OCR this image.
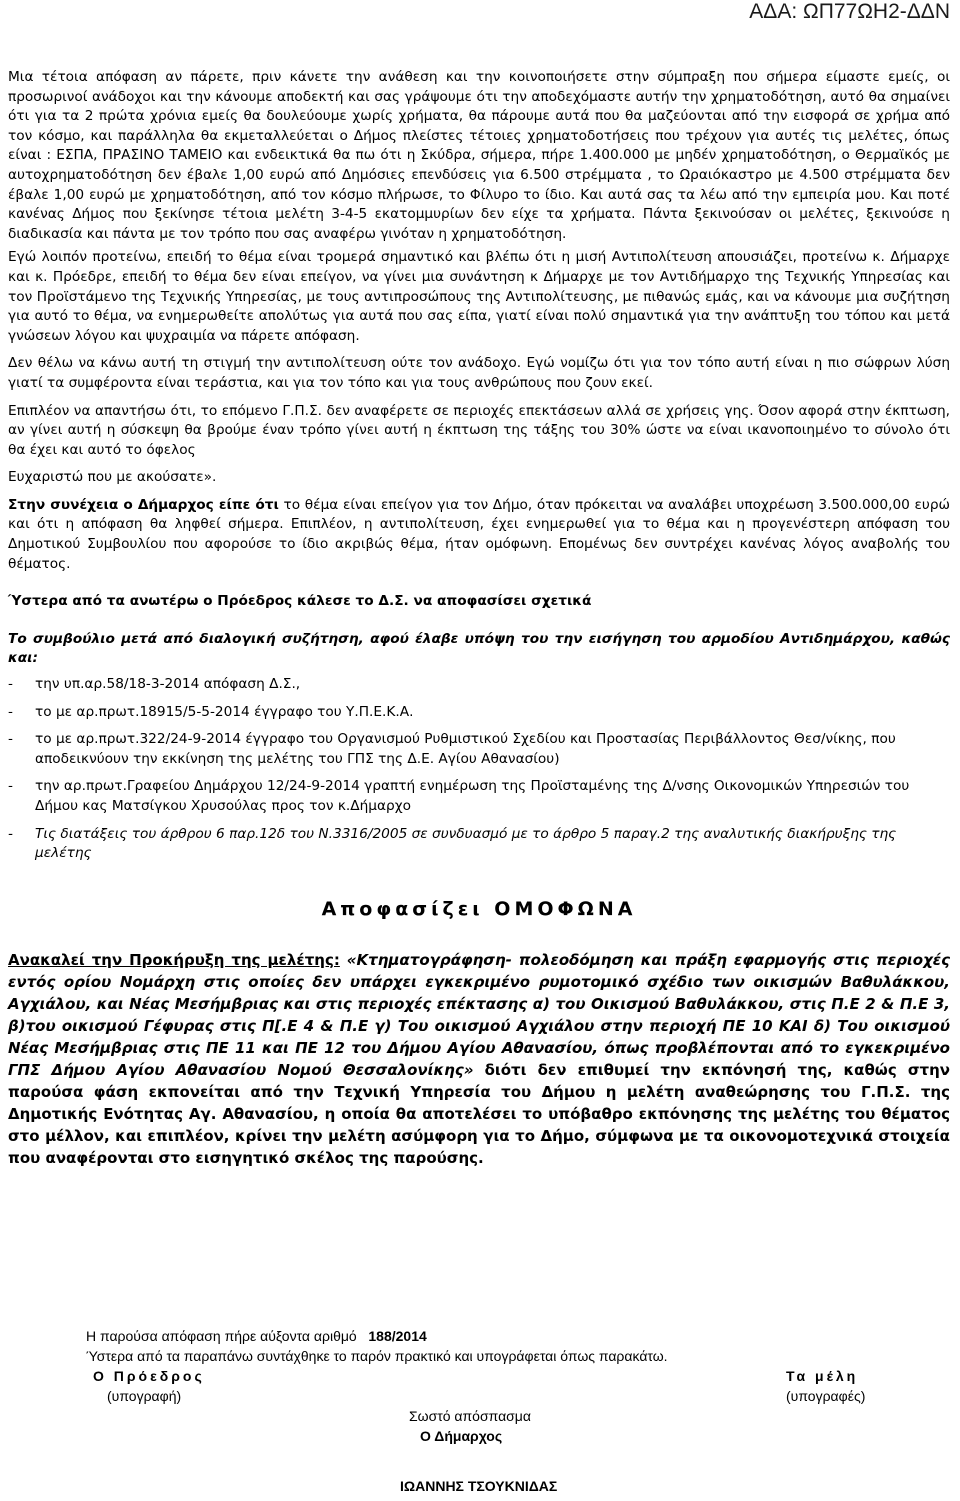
ΑΔΑ: ΩΠ77ΩΗ2-ΔΔΝ

Μια τέτοια απόφαση αν πάρετε, πριν κάνετε την ανάθεση και την κοινοποιήσετε στην σύμπραξη που σήμερα είμαστε εμείς, οι προσωρινοί ανάδοχοι και την κάνουμε αποδεκτή και σας γράψουμε ότι την αποδεχόμαστε αυτήν την χρηματοδότηση, αυτό θα σημαίνει ότι για τα 2 πρώτα χρόνια εμείς θα δουλεύουμε χωρίς χρήματα, θα πάρουμε αυτά που θα μαζεύονται από την εισφορά σε χρήμα από τον κόσμο, και παράλληλα θα εκμεταλλεύεται ο Δήμος πλείστες τέτοιες χρηματοδοτήσεις που τρέχουν για αυτές τις μελέτες, όπως είναι : ΕΣΠΑ, ΠΡΑΣΙΝΟ ΤΑΜΕΙΟ και ενδεικτικά θα πω ότι η Σκύδρα, σήμερα, πήρε 1.400.000 με μηδέν χρηματοδότηση, ο Θερμαϊκός με αυτοχρηματοδότηση δεν έβαλε 1,00 ευρώ από Δημόσιες επενδύσεις για 6.500 στρέμματα , το Ωραιόκαστρο με 4.500 στρέμματα δεν έβαλε 1,00 ευρώ με χρηματοδότηση, από τον κόσμο πλήρωσε, το Φίλυρο το ίδιο. Και αυτά σας τα λέω από την εμπειρία μου. Και ποτέ κανένας Δήμος που ξεκίνησε τέτοια μελέτη 3-4-5 εκατομμυρίων δεν είχε τα χρήματα. Πάντα ξεκινούσαν οι μελέτες, ξεκινούσε η διαδικασία και πάντα με τον τρόπο που σας αναφέρω γινόταν η χρηματοδότηση.

Εγώ λοιπόν προτείνω, επειδή το θέμα είναι τρομερά σημαντικό και βλέπω ότι η μισή Αντιπολίτευση απουσιάζει, προτείνω κ. Δήμαρχε και κ. Πρόεδρε, επειδή το θέμα δεν είναι επείγον, να γίνει μια συνάντηση κ Δήμαρχε με τον Αντιδήμαρχο της Τεχνικής Υπηρεσίας και τον Προϊστάμενο της Τεχνικής Υπηρεσίας, με τους αντιπροσώπους της Αντιπολίτευσης, με πιθανώς εμάς, και να κάνουμε μια συζήτηση για αυτό το θέμα, να ενημερωθείτε απολύτως για αυτά που σας είπα, γιατί είναι πολύ σημαντικά για την ανάπτυξη του τόπου και μετά γνώσεων λόγου και ψυχραιμία να πάρετε απόφαση.

Δεν θέλω να κάνω αυτή τη στιγμή την αντιπολίτευση ούτε τον ανάδοχο. Εγώ νομίζω ότι για τον τόπο αυτή είναι η πιο σώφρων λύση γιατί τα συμφέροντα είναι τεράστια, και για τον τόπο και για τους ανθρώπους που ζουν εκεί.

Επιπλέον να απαντήσω ότι, το επόμενο Γ.Π.Σ. δεν αναφέρετε σε περιοχές επεκτάσεων αλλά σε χρήσεις γης. Όσον αφορά στην έκπτωση, αν γίνει αυτή η σύσκεψη θα βρούμε έναν τρόπο γίνει αυτή η έκπτωση της τάξης του 30% ώστε να είναι ικανοποιημένο το σύνολο ότι θα έχει και αυτό το όφελος

Ευχαριστώ που με ακούσατε».

Στην συνέχεια ο Δήμαρχος είπε ότι το θέμα είναι επείγον για τον Δήμο, όταν πρόκειται να αναλάβει υποχρέωση 3.500.000,00 ευρώ και ότι η απόφαση θα ληφθεί σήμερα. Επιπλέον, η αντιπολίτευση, έχει ενημερωθεί για το θέμα και η προγενέστερη απόφαση του Δημοτικού Συμβουλίου που αφορούσε το ίδιο ακριβώς θέμα, ήταν ομόφωνη. Επομένως δεν συντρέχει κανένας λόγος αναβολής του θέματος.

Ύστερα από τα ανωτέρω ο Πρόεδρος κάλεσε το Δ.Σ. να αποφασίσει σχετικά

Το συμβούλιο μετά από διαλογική συζήτηση, αφού έλαβε υπόψη του την εισήγηση του αρμοδίου Αντιδημάρχου, καθώς και:

- την υπ.αρ.58/18-3-2014 απόφαση Δ.Σ.,
- το με αρ.πρωτ.18915/5-5-2014 έγγραφο του Υ.Π.Ε.Κ.Α.
- το με αρ.πρωτ.322/24-9-2014 έγγραφο του Οργανισμού Ρυθμιστικού Σχεδίου και Προστασίας Περιβάλλοντος Θεσ/νίκης, που αποδεικνύουν την εκκίνηση της μελέτης του ΓΠΣ της Δ.Ε. Αγίου Αθανασίου)
- την αρ.πρωτ.Γραφείου Δημάρχου 12/24-9-2014 γραπτή ενημέρωση της Προϊσταμένης της Δ/νσης Οικονομικών Υπηρεσιών του Δήμου κας Ματσίγκου Χρυσούλας προς τον κ.Δήμαρχο
- Τις διατάξεις του άρθρου 6 παρ.12δ του Ν.3316/2005 σε συνδυασμό με το άρθρο 5 παραγ.2 της αναλυτικής διακήρυξης της μελέτης
Αποφασίζει ΟΜΟΦΩΝΑ

Ανακαλεί την Προκήρυξη της μελέτης: «Κτηματογράφηση- πολεοδόμηση και πράξη εφαρμογής στις περιοχές εντός ορίου Νομάρχη στις οποίες δεν υπάρχει εγκεκριμένο ρυμοτομικό σχέδιο των οικισμών Βαθυλάκκου, Αγχιάλου, και Νέας Μεσήμβριας και στις περιοχές επέκτασης α) του Οικισμού Βαθυλάκκου, στις Π.Ε 2 & Π.Ε 3, β)του οικισμού Γέφυρας στις Π[.Ε 4 & Π.Ε γ) Του οικισμού Αγχιάλου στην περιοχή ΠΕ 10 ΚΑΙ δ) Του οικισμού Νέας Μεσήμβριας στις ΠΕ 11 και ΠΕ 12 του Δήμου Αγίου Αθανασίου, όπως προβλέπονται από το εγκεκριμένο ΓΠΣ Δήμου Αγίου Αθανασίου Νομού Θεσσαλονίκης» διότι δεν επιθυμεί την εκπόνησή της, καθώς στην παρούσα φάση εκπονείται από την Τεχνική Υπηρεσία του Δήμου η μελέτη αναθεώρησης του Γ.Π.Σ. της Δημοτικής Ενότητας Αγ. Αθανασίου, η οποία θα αποτελέσει το υπόβαθρο εκπόνησης της μελέτης του θέματος στο μέλλον, και επιπλέον, κρίνει την μελέτη ασύμφορη για το Δήμο, σύμφωνα με τα οικονομοτεχνικά στοιχεία που αναφέρονται στο εισηγητικό σκέλος της παρούσης.

Η παρούσα απόφαση πήρε αύξοντα αριθμό 188/2014
Ύστερα από τα παραπάνω συντάχθηκε το παρόν πρακτικό και υπογράφεται όπως παρακάτω.
Ο Πρόεδρος	Τα μέλη
(υπογραφή)	(υπογραφές)
Σωστό απόσπασμα
Ο Δήμαρχος
ΙΩΑΝΝΗΣ ΤΣΟΥΚΝΙΔΑΣ
